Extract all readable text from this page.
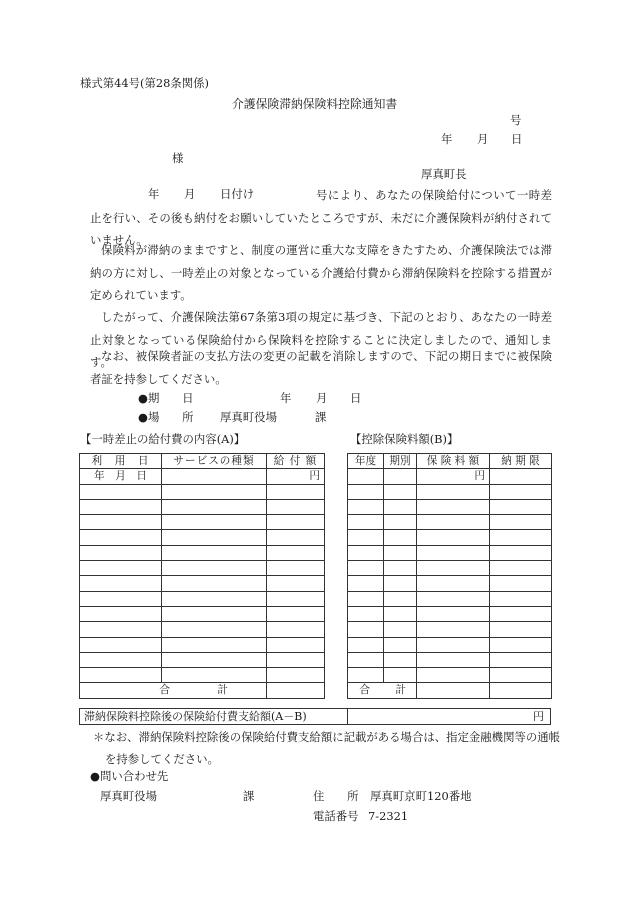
様式第44号(第28条関係)
介護保険滞納保険料控除通知書
号
年 月 日
様
厚真町長
年 月 日付け	号により、あなたの保険給付について一時差止を行い、その後も納付をお願いしていたところですが、未だに介護保険料が納付されていません。
保険料が滞納のままですと、制度の運営に重大な支障をきたすため、介護保険法では滞納の方に対し、一時差止の対象となっている介護給付費から滞納保険料を控除する措置が定められています。
したがって、介護保険法第67条第3項の規定に基づき、下記のとおり、あなたの一時差止対象となっている保険給付から保険料を控除することに決定しましたので、通知します。
なお、被保険者証の支払方法の変更の記載を消除しますので、下記の期日までに被保険者証を持参してください。
●期　　日	年 月 日
●場　　所 厚真町役場	課
【一時差止の給付費の内容(A)】	【控除保険料額(B)】
利　用　日	サービスの種類	給 付 額
年　月　日		円

合 計		
年度	期別	保 険 料 額	納 期 限
		円	

合 計			
滞納保険料控除後の保険給付費支給額(A－B)	円
＊なお、滞納保険料控除後の保険給付費支給額に記載がある場合は、指定金融機関等の通帳を持参してください。
●問い合わせ先
厚真町役場	課	住　　所 厚真町京町120番地
電話番号 7-2321
